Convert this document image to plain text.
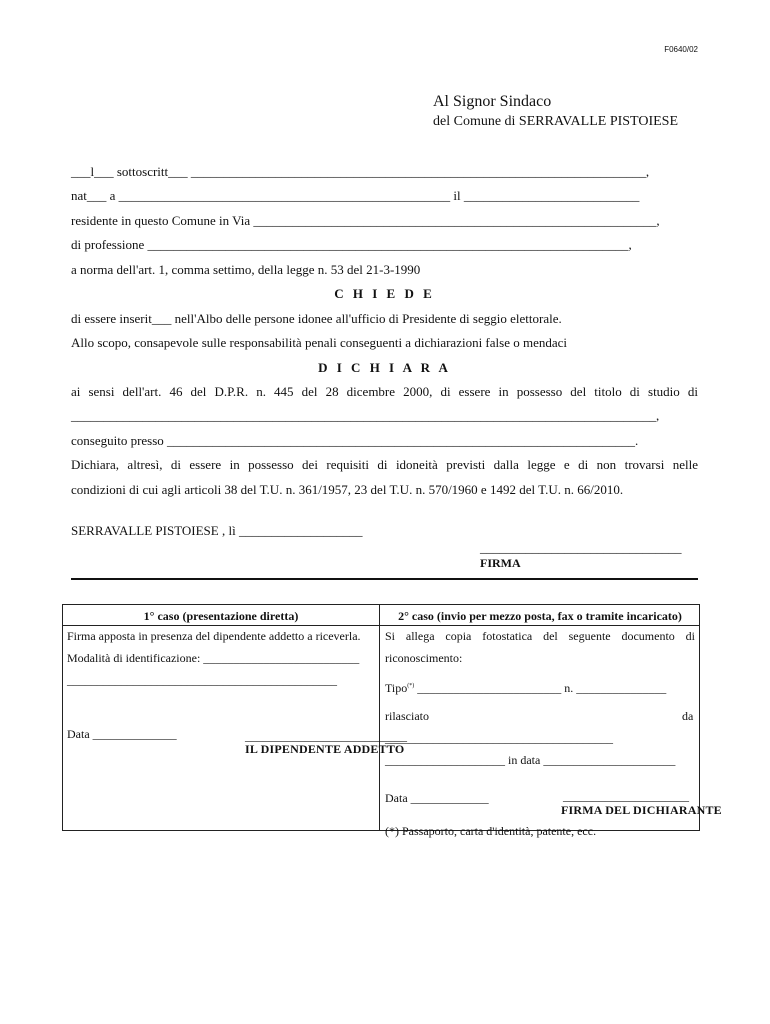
F0640/02
Al Signor Sindaco
del Comune di SERRAVALLE PISTOIESE
___l___ sottoscritt___ ______________________________________________________________________,
nat___ a ___________________________________________________ il ___________________________
residente in questo Comune in Via ______________________________________________________________,
di professione __________________________________________________________________________,
a norma dell'art. 1, comma settimo, della legge n. 53 del 21-3-1990
C H I E D E
di essere inserit___ nell'Albo delle persone idonee all'ufficio di Presidente di seggio elettorale.
Allo scopo, consapevole sulle responsabilità penali conseguenti a dichiarazioni false o mendaci
D I C H I A R A
ai sensi dell'art. 46 del D.P.R. n. 445 del 28 dicembre 2000, di essere in possesso del titolo di studio di
__________________________________________________________________________________________,
conseguito presso ________________________________________________________________________.
Dichiara, altresì, di essere in possesso dei requisiti di idoneità previsti dalla legge e di non trovarsi nelle
condizioni di cui agli articoli 38 del T.U. n. 361/1957, 23 del T.U. n. 570/1960 e 1492 del T.U. n. 66/2010.
SERRAVALLE PISTOIESE , lì ___________________
_______________________________
FIRMA
1° caso (presentazione diretta)
Firma apposta in presenza del dipendente addetto a riceverla.
Modalità di identificazione: __________________________
_____________________________________________
Data ______________	___________________________
IL DIPENDENTE ADDETTO
2° caso (invio per mezzo posta, fax o tramite incaricato)
Si allega copia fotostatica del seguente documento di
riconoscimento:
Tipo(*) ________________________ n. _______________
rilasciato	da
______________________________________
____________________ in data ______________________
Data _____________	_____________________
FIRMA DEL DICHIARANTE
(*) Passaporto, carta d'identità, patente, ecc.
